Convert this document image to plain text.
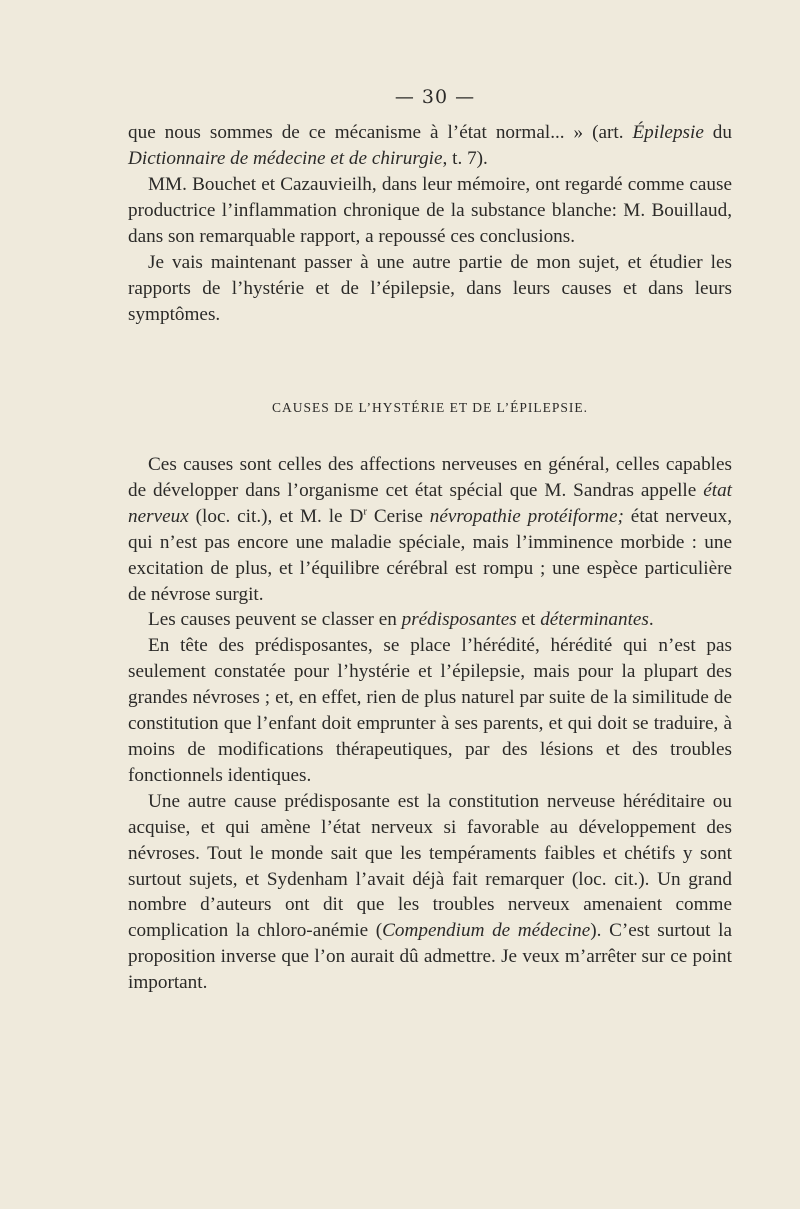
— 30 —

que nous sommes de ce mécanisme à l’état normal... » (art. Épilepsie du Dictionnaire de médecine et de chirurgie, t. 7).

MM. Bouchet et Cazauvieilh, dans leur mémoire, ont regardé comme cause productrice l’inflammation chronique de la substance blanche: M. Bouillaud, dans son remarquable rapport, a repoussé ces conclusions.

Je vais maintenant passer à une autre partie de mon sujet, et étudier les rapports de l’hystérie et de l’épilepsie, dans leurs causes et dans leurs symptômes.

CAUSES DE L’HYSTÉRIE ET DE L’ÉPILEPSIE.

Ces causes sont celles des affections nerveuses en général, celles capables de développer dans l’organisme cet état spécial que M. Sandras appelle état nerveux (loc. cit.), et M. le $D^r$ Cerise névropathie protéiforme; état nerveux, qui n’est pas encore une maladie spéciale, mais l’imminence morbide : une excitation de plus, et l’équilibre cérébral est rompu ; une espèce particulière de névrose surgit.

Les causes peuvent se classer en prédisposantes et déterminantes.

En tête des prédisposantes, se place l’hérédité, hérédité qui n’est pas seulement constatée pour l’hystérie et l’épilepsie, mais pour la plupart des grandes névroses ; et, en effet, rien de plus naturel par suite de la similitude de constitution que l’enfant doit emprunter à ses parents, et qui doit se traduire, à moins de modifications thérapeutiques, par des lésions et des troubles fonctionnels identiques.

Une autre cause prédisposante est la constitution nerveuse héréditaire ou acquise, et qui amène l’état nerveux si favorable au développement des névroses. Tout le monde sait que les tempéraments faibles et chétifs y sont surtout sujets, et Sydenham l’avait déjà fait remarquer (loc. cit.). Un grand nombre d’auteurs ont dit que les troubles nerveux amenaient comme complication la chloro-anémie (Compendium de médecine). C’est surtout la proposition inverse que l’on aurait dû admettre. Je veux m’arrêter sur ce point important.
